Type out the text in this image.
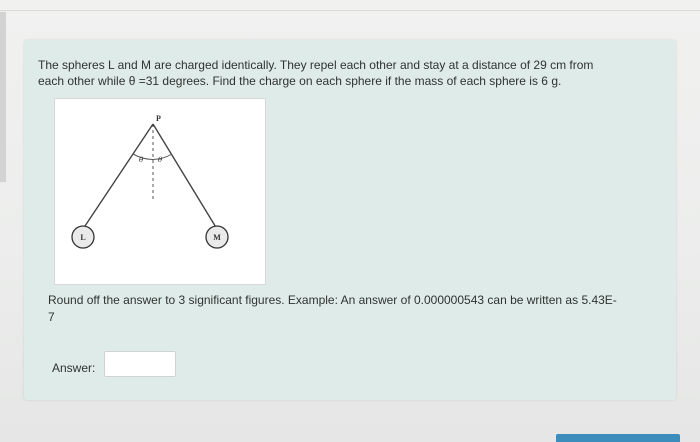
The spheres L and M are charged identically. They repel each other and stay at a distance of 29 cm from
each other while θ =31 degrees. Find the charge on each sphere if the mass of each sphere is 6 g.

P
θ θ
L	M

Round off the answer to 3 significant figures. Example: An answer of 0.000000543 can be written as 5.43E-
7

Answer:
